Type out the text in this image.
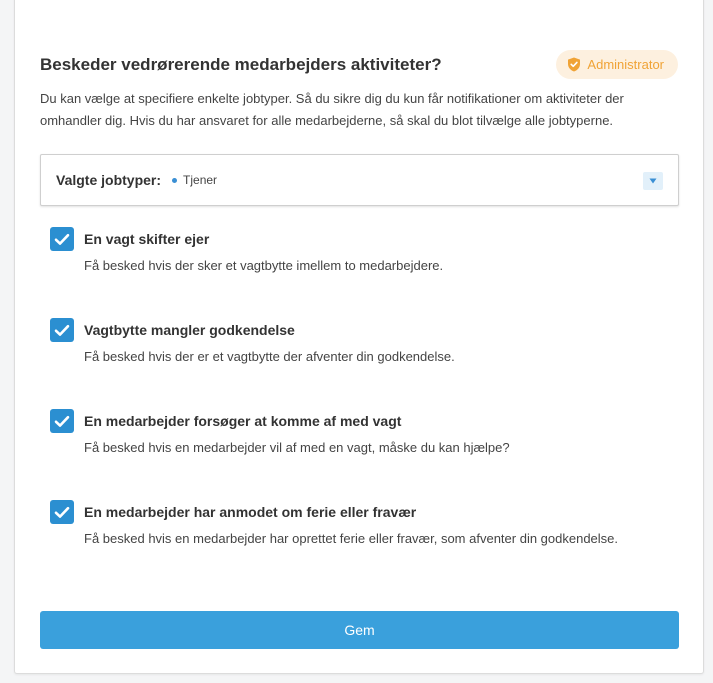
Beskeder vedrørerende medarbejders aktiviteter?	Administrator

Du kan vælge at specifiere enkelte jobtyper. Så du sikre dig du kun får notifikationer om aktiviteter der omhandler dig. Hvis du har ansvaret for alle medarbejderne, så skal du blot tilvælge alle jobtyperne.

Valgte jobtyper: Tjener
En vagt skifter ejer
Få besked hvis der sker et vagtbytte imellem to medarbejdere.
Vagtbytte mangler godkendelse
Få besked hvis der er et vagtbytte der afventer din godkendelse.
En medarbejder forsøger at komme af med vagt
Få besked hvis en medarbejder vil af med en vagt, måske du kan hjælpe?
En medarbejder har anmodet om ferie eller fravær
Få besked hvis en medarbejder har oprettet ferie eller fravær, som afventer din godkendelse.
Gem
